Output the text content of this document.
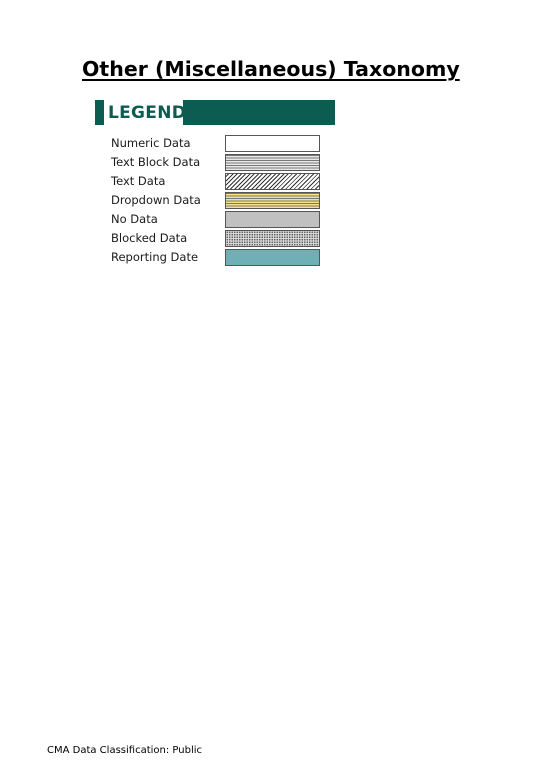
Other (Miscellaneous) Taxonomy
LEGEND
Numeric Data
Text Block Data
Text Data
Dropdown Data
No Data
Blocked Data
Reporting Date
CMA Data Classification: Public
